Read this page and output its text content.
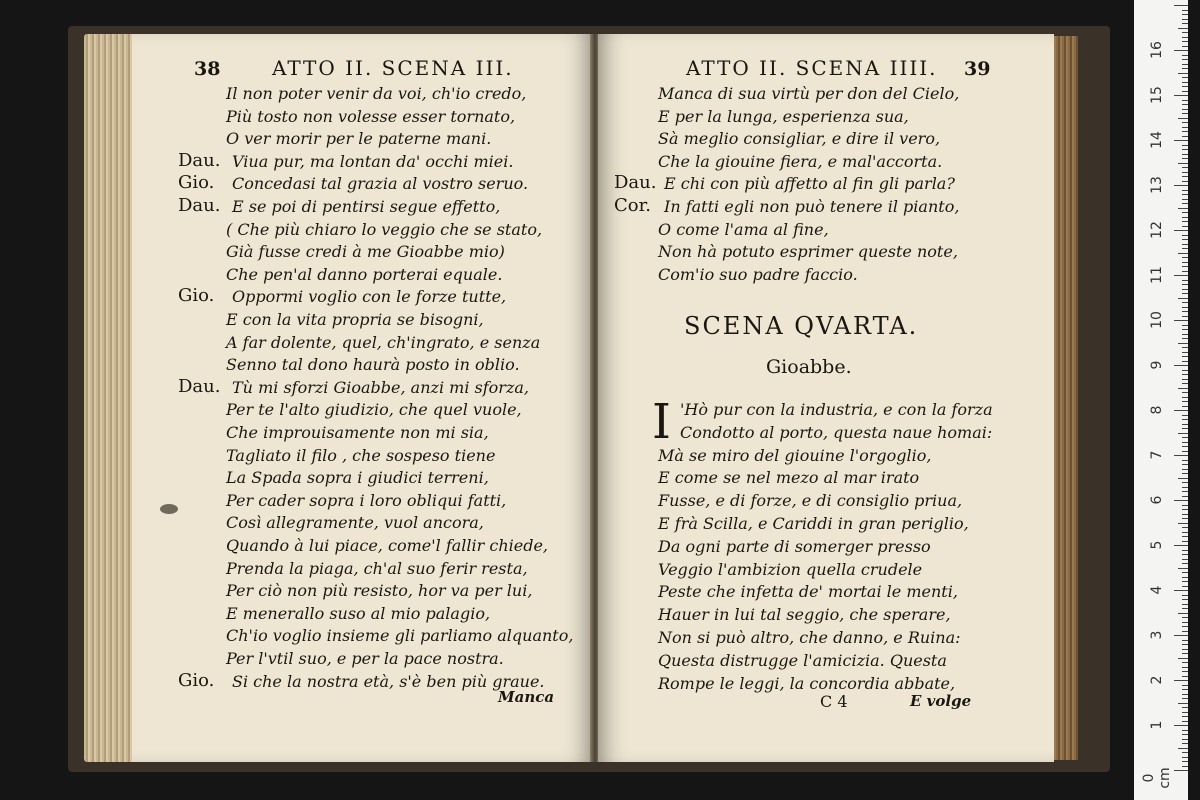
38	ATTO II. SCENA III.
Manca
Il non poter venir da voi, ch'io credo,
Più tosto non volesse esser tornato,
O ver morir per le paterne mani.
Dau. Viua pur, ma lontan da' occhi miei.
Gio. Concedasi tal grazia al vostro seruo.
Dau. E se poi di pentirsi segue effetto,
( Che più chiaro lo veggio che se stato,
Già fusse credi à me Gioabbe mio)
Che pen'al danno porterai equale.
Gio. Oppormi voglio con le forze tutte,
E con la vita propria se bisogni,
A far dolente, quel, ch'ingrato, e senza
Senno tal dono haurà posto in oblio.
Dau. Tù mi sforzi Gioabbe, anzi mi sforza,
Per te l'alto giudizio, che quel vuole,
Che improuisamente non mi sia,
Tagliato il filo , che sospeso tiene
La Spada sopra i giudici terreni,
Per cader sopra i loro obliqui fatti,
Così allegramente, vuol ancora,
Quando à lui piace, come'l fallir chiede,
Prenda la piaga, ch'al suo ferir resta,
Per ciò non più resisto, hor va per lui,
E menerallo suso al mio palagio,
Ch'io voglio insieme gli parliamo alquanto,
Per l'vtil suo, e per la pace nostra.
Gio. Si che la nostra età, s'è ben più graue.
ATTO II. SCENA IIII. 39
SCENA QVARTA.
Gioabbe.
I
C 4	E volge
Manca di sua virtù per don del Cielo,
E per la lunga, esperienza sua,
Sà meglio consigliar, e dire il vero,
Che la giouine fiera, e mal'accorta.
Dau. E chi con più affetto al fin gli parla?
Cor. In fatti egli non può tenere il pianto,
O come l'ama al fine,
Non hà potuto esprimer queste note,
Com'io suo padre faccio.
'Hò pur con la industria, e con la forza
Condotto al porto, questa naue homai:
Mà se miro del giouine l'orgoglio,
E come se nel mezo al mar irato
Fusse, e di forze, e di consiglio priua,
E frà Scilla, e Cariddi in gran periglio,
Da ogni parte di somerger presso
Veggio l'ambizion quella crudele
Peste che infetta de' mortai le menti,
Hauer in lui tal seggio, che sperare,
Non si può altro, che danno, e Ruina:
Questa distrugge l'amicizia. Questa
Rompe le leggi, la concordia abbate,
16
15
14
13
12
11
10
9
8
7
6
5
4
3
2
1
0 cm
